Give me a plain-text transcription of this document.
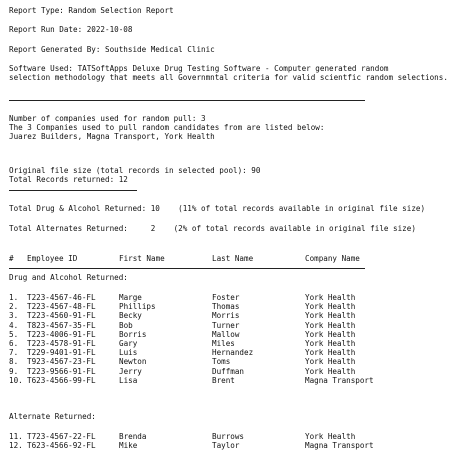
Report Type: Random Selection Report
Report Run Date: 2022-10-08
Report Generated By: Southside Medical Clinic
Software Used: TATSoftApps Deluxe Drug Testing Software - Computer generated random
selection methodology that meets all Governmntal criteria for valid scientfic random selections.
Number of companies used for random pull: 3
The 3 Companies used to pull random candidates from are listed below:
Juarez Builders, Magna Transport, York Health
Original file size (total records in selected pool): 90
Total Records returned: 12
Total Drug & Alcohol Returned: 10    (11% of total records available in original file size)
Total Alternates Returned:     2    (2% of total records available in original file size)
# Employee ID	First Name	Last Name	Company Name
Drug and Alcohol Returned:
1. T223-4567-46-FL	Marge	Foster	York Health
2. T223-4567-48-FL	Phillips	Thomas	York Health
3. T223-4560-91-FL	Becky	Morris	York Health
4. T823-4567-35-FL	Bob	Turner	York Health
5. T223-4006-91-FL	Borris	Mallow	York Health
6. T223-4578-91-FL	Gary	Miles	York Health
7. T229-9401-91-FL	Luis	Hernandez	York Health
8. T923-4567-23-FL	Newton	Toms	York Health
9. T223-9566-91-FL	Jerry	Duffman	York Health
10. T623-4566-99-FL	Lisa	Brent	Magna Transport
Alternate Returned:
11. T723-4567-22-FL	Brenda	Burrows	York Health
12. T623-4566-92-FL	Mike	Taylor	Magna Transport
